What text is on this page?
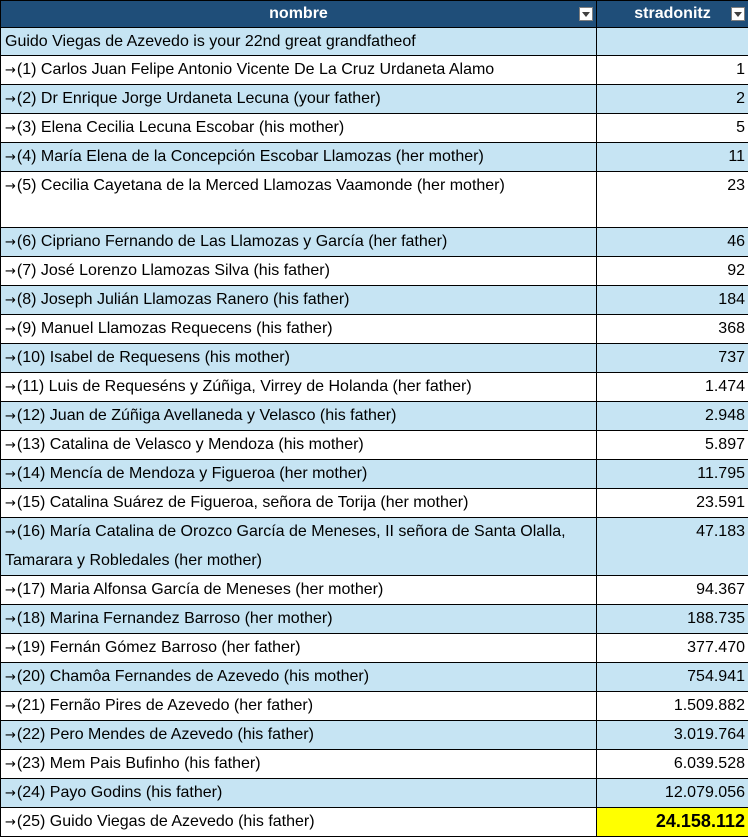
nombre	stradonitz

Guido Viegas de Azevedo is your 22nd great grandfatheof	
→(1) Carlos Juan Felipe Antonio Vicente De La Cruz Urdaneta Alamo	1
→(2) Dr Enrique Jorge Urdaneta Lecuna (your father)	2
→(3) Elena Cecilia Lecuna Escobar (his mother)	5
→(4) María Elena de la Concepción Escobar Llamozas (her mother)	11
→(5) Cecilia Cayetana de la Merced Llamozas Vaamonde (her mother)	23
→(6) Cipriano Fernando de Las Llamozas y García (her father)	46
→(7) José Lorenzo Llamozas Silva (his father)	92
→(8) Joseph Julián Llamozas Ranero (his father)	184
→(9) Manuel Llamozas Requecens (his father)	368
→(10) Isabel de Requesens (his mother)	737
→(11) Luis de Requeséns y Zúñiga, Virrey de Holanda (her father)	1.474
→(12) Juan de Zúñiga Avellaneda y Velasco (his father)	2.948
→(13) Catalina de Velasco y Mendoza (his mother)	5.897
→(14) Mencía de Mendoza y Figueroa (her mother)	11.795
→(15) Catalina Suárez de Figueroa, señora de Torija (her mother)	23.591
→(16) María Catalina de Orozco García de Meneses, II señora de Santa Olalla, Tamarara y Robledales (her mother)	47.183
→(17) Maria Alfonsa García de Meneses (her mother)	94.367
→(18) Marina Fernandez Barroso (her mother)	188.735
→(19) Fernán Gómez Barroso (her father)	377.470
→(20) Chamôa Fernandes de Azevedo (his mother)	754.941
→(21) Fernão Pires de Azevedo (her father)	1.509.882
→(22) Pero Mendes de Azevedo (his father)	3.019.764
→(23) Mem Pais Bufinho (his father)	6.039.528
→(24) Payo Godins (his father)	12.079.056
→(25) Guido Viegas de Azevedo (his father)	24.158.112
